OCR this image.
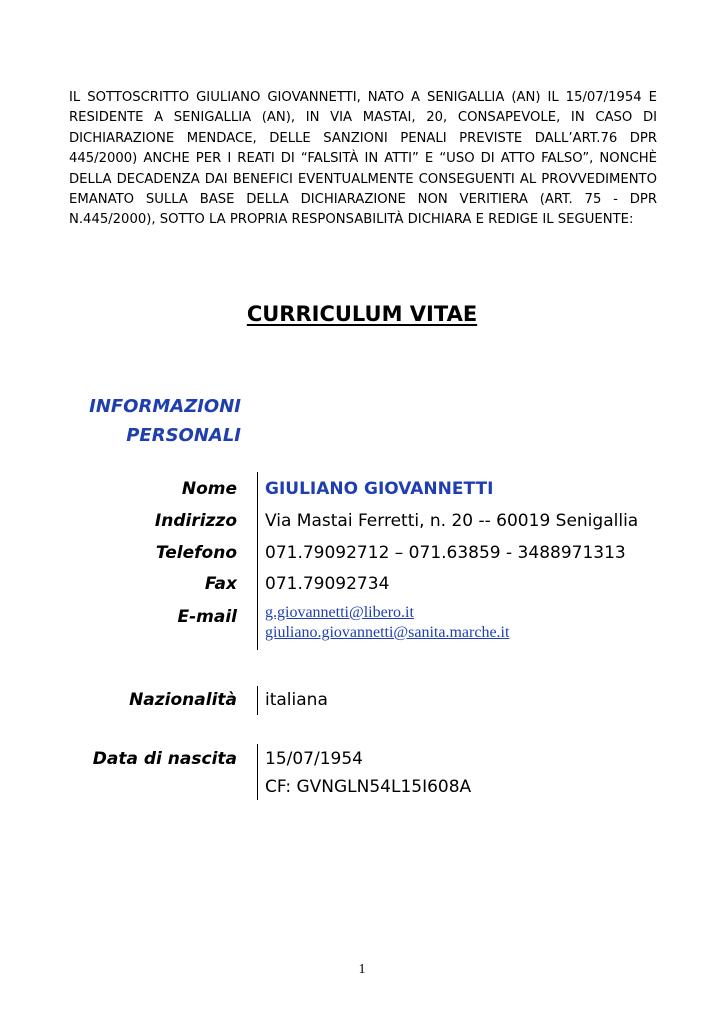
IL SOTTOSCRITTO GIULIANO GIOVANNETTI, NATO A SENIGALLIA (AN) IL 15/07/1954 E RESIDENTE A SENIGALLIA (AN), IN VIA MASTAI, 20, CONSAPEVOLE, IN CASO DI DICHIARAZIONE MENDACE, DELLE SANZIONI PENALI PREVISTE DALL’ART.76 DPR 445/2000) ANCHE PER I REATI DI “FALSITÀ IN ATTI” E “USO DI ATTO FALSO”, NONCHÈ DELLA DECADENZA DAI BENEFICI EVENTUALMENTE CONSEGUENTI AL PROVVEDIMENTO EMANATO SULLA BASE DELLA DICHIARAZIONE NON VERITIERA (ART. 75 - DPR N.445/2000), SOTTO LA PROPRIA RESPONSABILITÀ DICHIARA E REDIGE IL SEGUENTE:
CURRICULUM VITAE
INFORMAZIONI
PERSONALI
Nome GIULIANO GIOVANNETTI
Indirizzo Via Mastai Ferretti, n. 20 -- 60019 Senigallia
Telefono 071.79092712 – 071.63859 - 3488971313
Fax 071.79092734
E-mail g.giovannetti@libero.it
giuliano.giovannetti@sanita.marche.it
Nazionalità italiana
Data di nascita 15/07/1954
CF: GVNGLN54L15I608A
1
